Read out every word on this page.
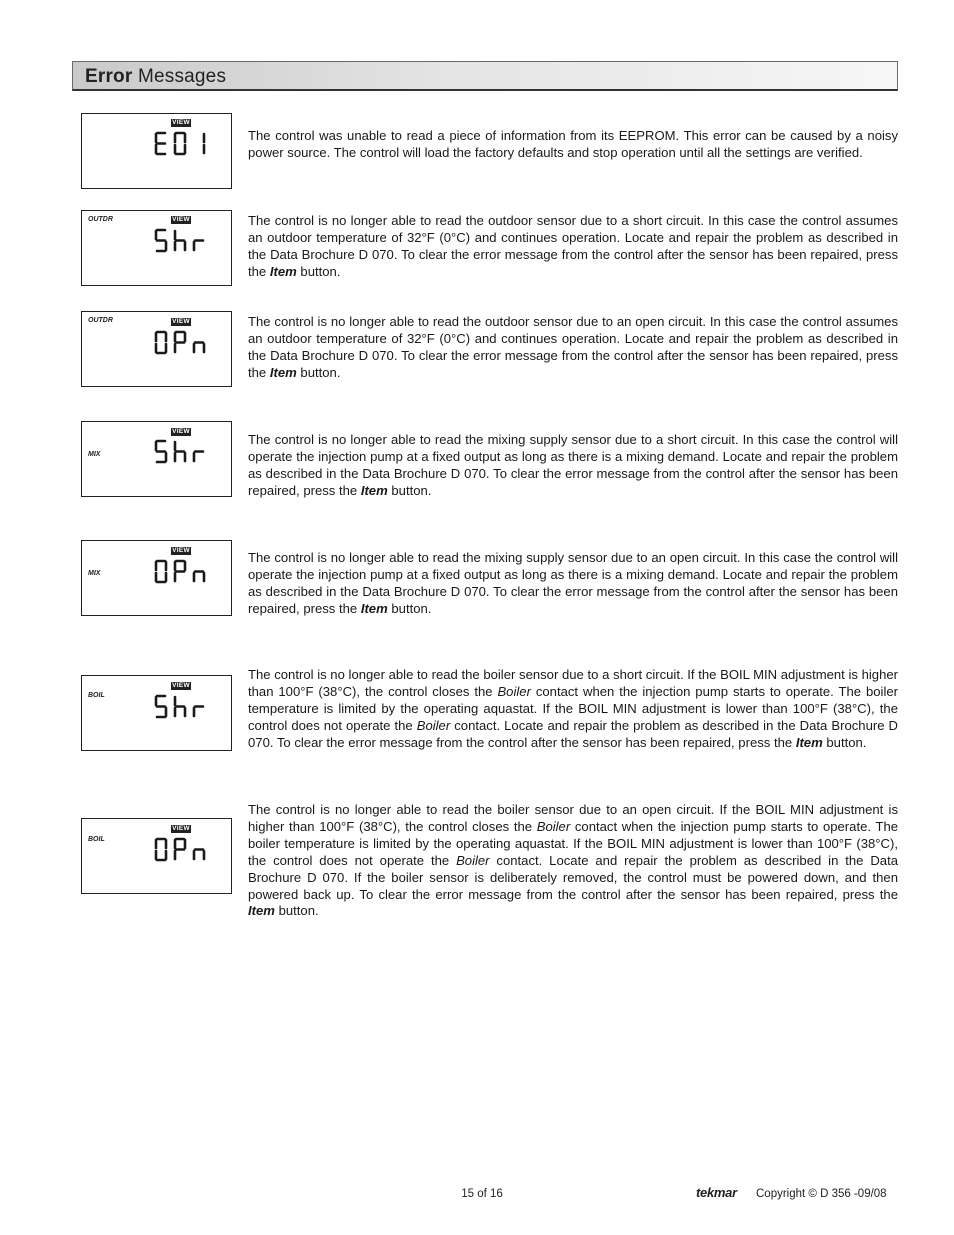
Error Messages
VIEW
The control was unable to read a piece of information from its EEPROM. This error can be caused by a noisy power source. The control will load the factory defaults and stop operation until all the settings are verified.
OUTDR	VIEW	The control is no longer able to read the outdoor sensor due to a short circuit. In this case the control assumes an outdoor temperature of 32°F (0°C) and continues operation. Locate and repair the problem as described in the Data Brochure D 070. To clear the error message from the control after the sensor has been repaired, press the Item button.
OUTDR	VIEW	The control is no longer able to read the outdoor sensor due to an open circuit. In this case the control assumes an outdoor temperature of 32°F (0°C) and continues operation. Locate and repair the problem as described in the Data Brochure D 070. To clear the error message from the control after the sensor has been repaired, press the Item button.
VIEW
MIX
The control is no longer able to read the mixing supply sensor due to a short circuit. In this case the control will operate the injection pump at a fixed output as long as there is a mixing demand. Locate and repair the problem as described in the Data Brochure D 070. To clear the error message from the control after the sensor has been repaired, press the Item button.
VIEW
MIX
The control is no longer able to read the mixing supply sensor due to an open circuit. In this case the control will operate the injection pump at a fixed output as long as there is a mixing demand. Locate and repair the problem as described in the Data Brochure D 070. To clear the error message from the control after the sensor has been repaired, press the Item button.
VIEW
BOIL
The control is no longer able to read the boiler sensor due to a short circuit. If the BOIL MIN adjustment is higher than 100°F (38°C), the control closes the Boiler contact when the injection pump starts to operate. The boiler temperature is limited by the operating aquastat. If the BOIL MIN adjustment is lower than 100°F (38°C), the control does not operate the Boiler contact. Locate and repair the problem as described in the Data Brochure D 070. To clear the error message from the control after the sensor has been repaired, press the Item button.
VIEW
BOIL
The control is no longer able to read the boiler sensor due to an open circuit. If the BOIL MIN adjustment is higher than 100°F (38°C), the control closes the Boiler contact when the injection pump starts to operate. The boiler temperature is limited by the operating aquastat. If the BOIL MIN adjustment is lower than 100°F (38°C), the control does not operate the Boiler contact. Locate and repair the problem as described in the Data Brochure D 070. If the boiler sensor is deliberately removed, the control must be powered down, and then powered back up. To clear the error message from the control after the sensor has been repaired, press the Item button.
15 of 16	tekmar Copyright © D 356 -09/08
